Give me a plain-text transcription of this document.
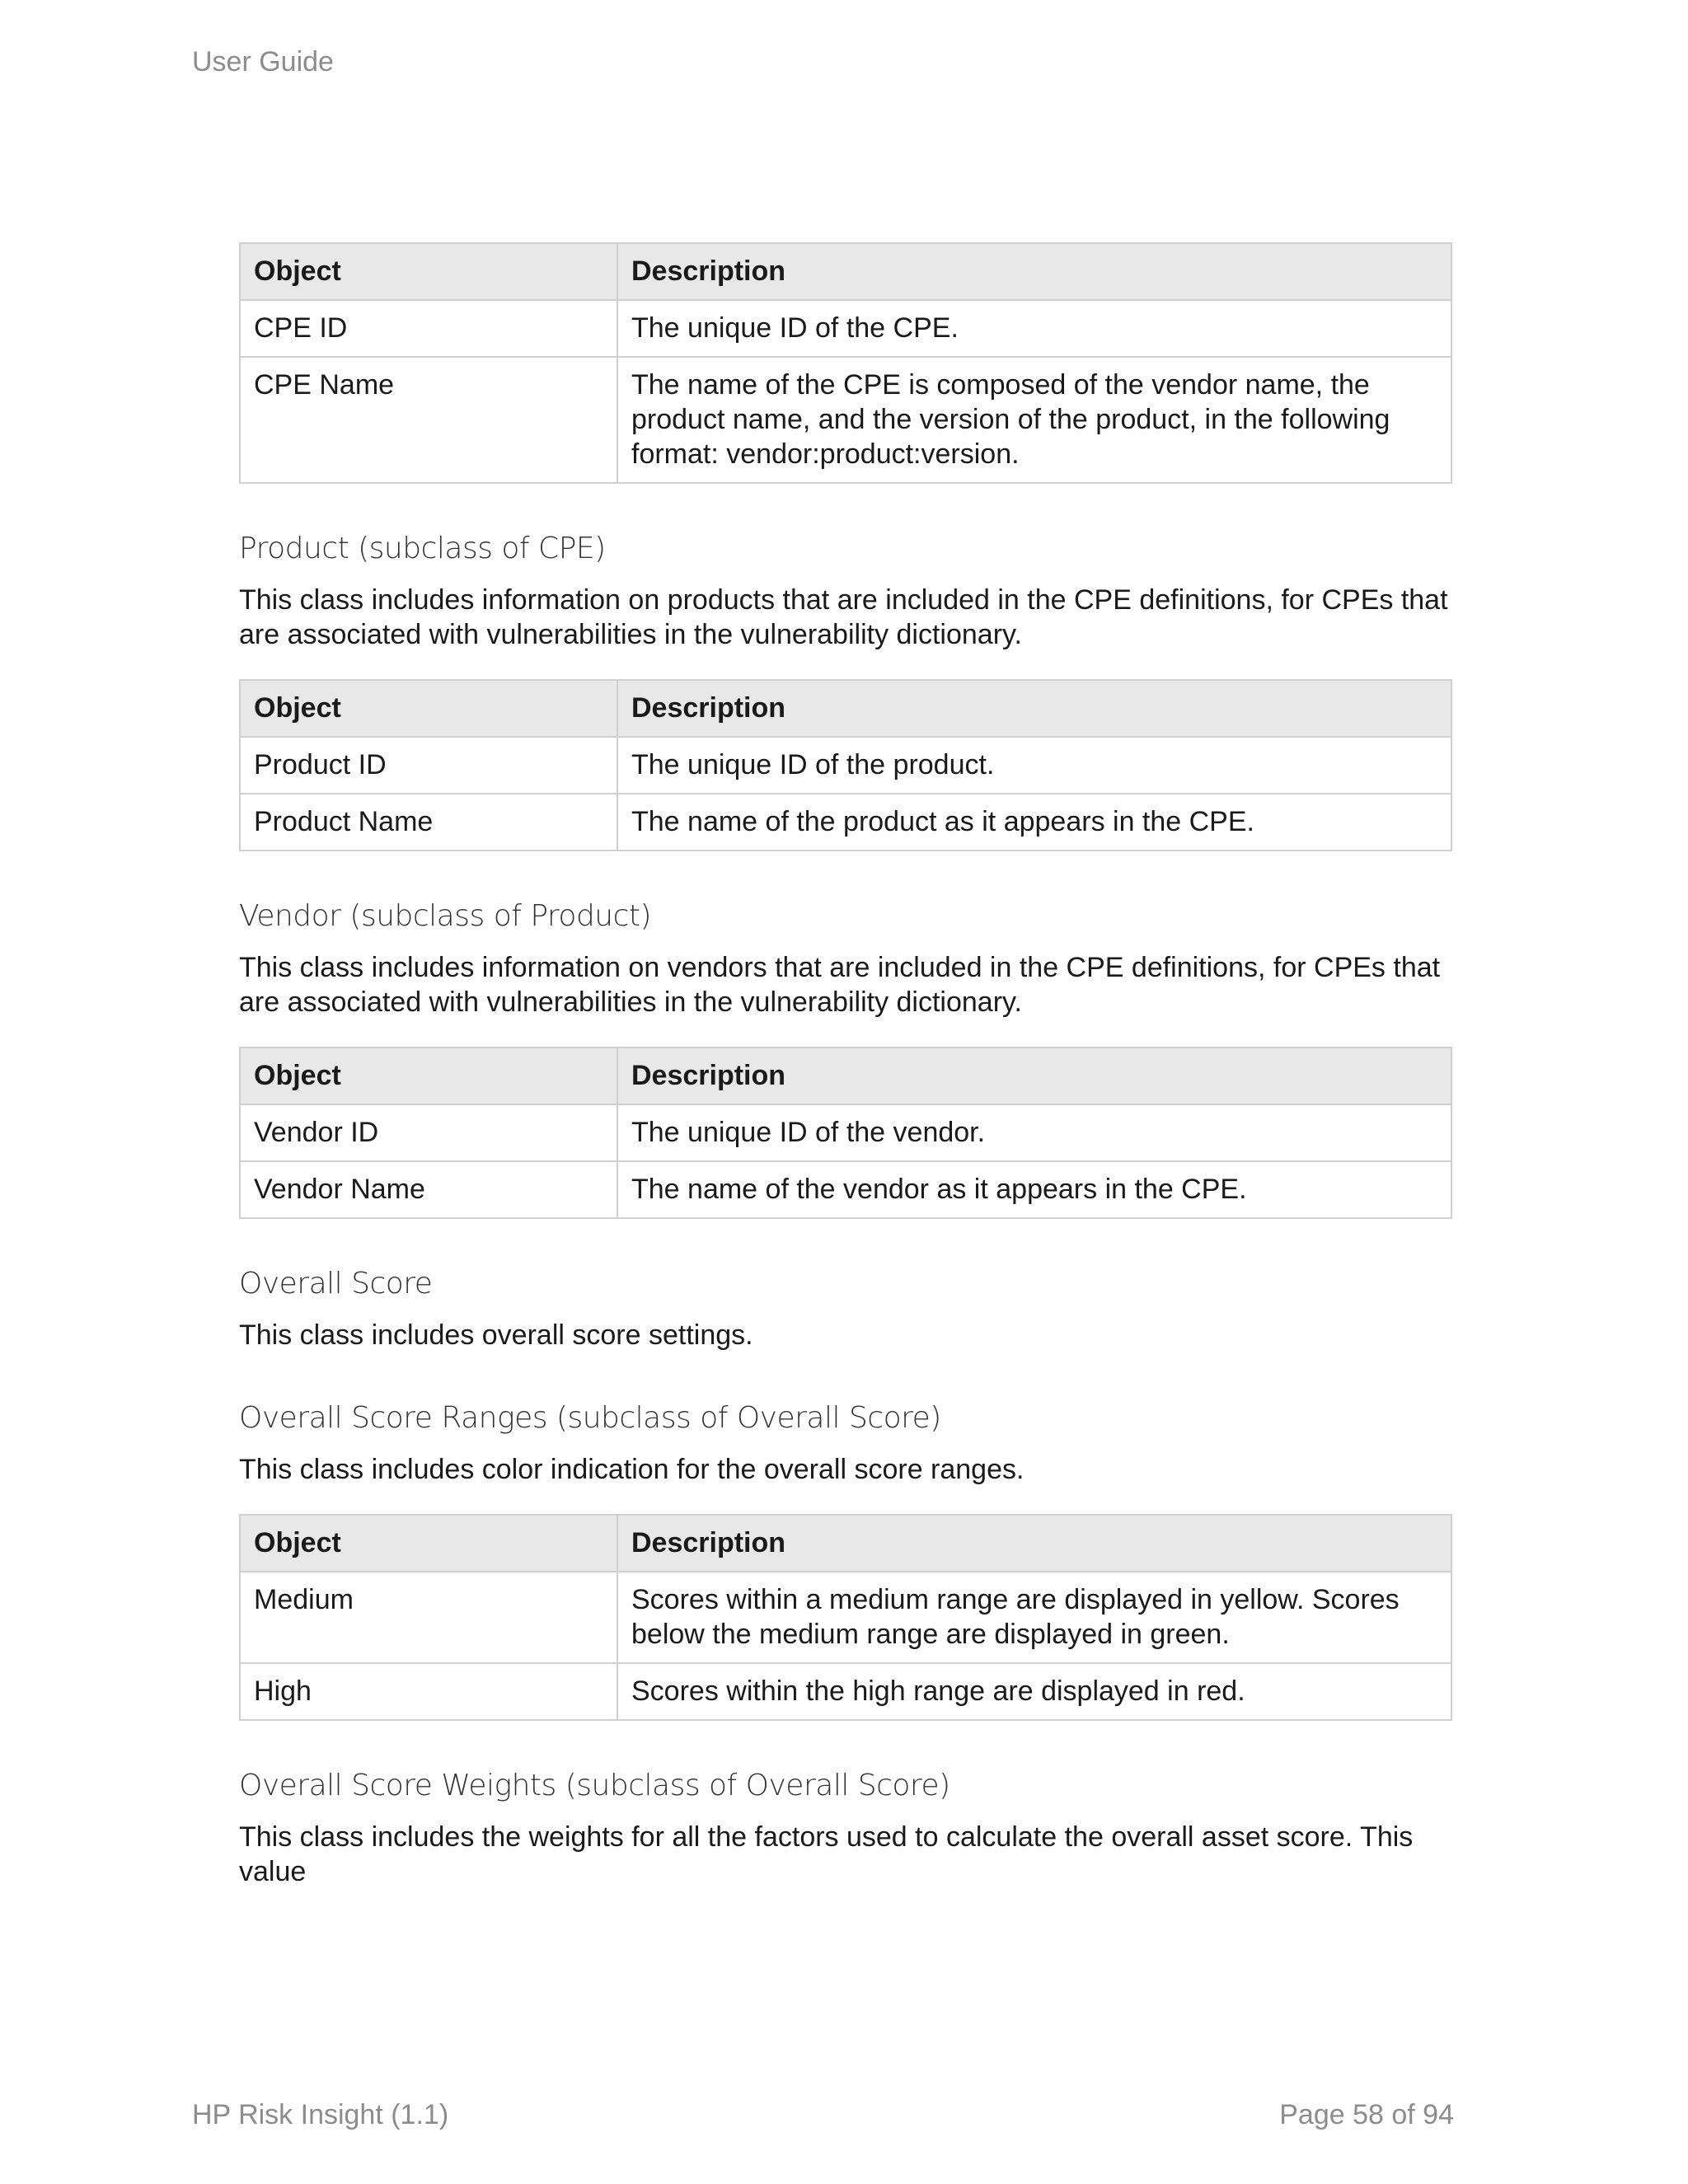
User Guide
Object	Description
CPE ID	The unique ID of the CPE.
CPE Name	The name of the CPE is composed of the vendor name, the product name, and the version of the product, in the following format: vendor:product:version.
Product (subclass of CPE)

This class includes information on products that are included in the CPE definitions, for CPEs that are associated with vulnerabilities in the vulnerability dictionary.

Object	Description
Product ID	The unique ID of the product.
Product Name	The name of the product as it appears in the CPE.
Vendor (subclass of Product)

This class includes information on vendors that are included in the CPE definitions, for CPEs that are associated with vulnerabilities in the vulnerability dictionary.

Object	Description
Vendor ID	The unique ID of the vendor.
Vendor Name	The name of the vendor as it appears in the CPE.
Overall Score

This class includes overall score settings.

Overall Score Ranges (subclass of Overall Score)

This class includes color indication for the overall score ranges.

Object	Description
Medium	Scores within a medium range are displayed in yellow. Scores below the medium range are displayed in green.
High	Scores within the high range are displayed in red.
Overall Score Weights (subclass of Overall Score)

This class includes the weights for all the factors used to calculate the overall asset score. This value

HP Risk Insight (1.1)	Page 58 of 94
